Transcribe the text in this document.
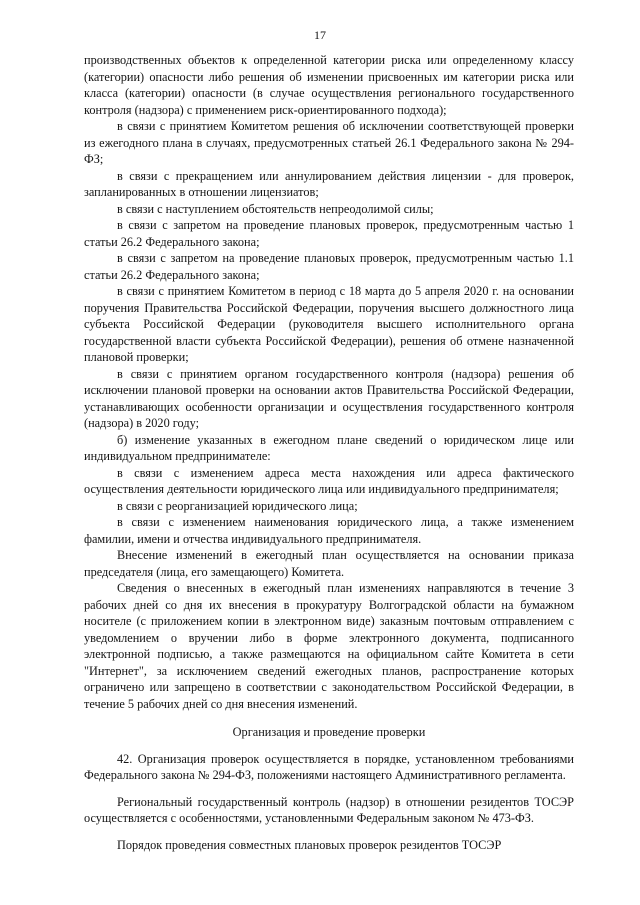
17

производственных объектов к определенной категории риска или определенному классу (категории) опасности либо решения об изменении присвоенных им категории риска или класса (категории) опасности (в случае осуществления регионального государственного контроля (надзора) с применением риск-ориентированного подхода);

в связи с принятием Комитетом решения об исключении соответствующей проверки из ежегодного плана в случаях, предусмотренных статьей 26.1 Федерального закона № 294-ФЗ;

в связи с прекращением или аннулированием действия лицензии - для проверок, запланированных в отношении лицензиатов;

в связи с наступлением обстоятельств непреодолимой силы;

в связи с запретом на проведение плановых проверок, предусмотренным частью 1 статьи 26.2 Федерального закона;

в связи с запретом на проведение плановых проверок, предусмотренным частью 1.1 статьи 26.2 Федерального закона;

в связи с принятием Комитетом в период с 18 марта до 5 апреля 2020 г. на основании поручения Правительства Российской Федерации, поручения высшего должностного лица субъекта Российской Федерации (руководителя высшего исполнительного органа государственной власти субъекта Российской Федерации), решения об отмене назначенной плановой проверки;

в связи с принятием органом государственного контроля (надзора) решения об исключении плановой проверки на основании актов Правительства Российской Федерации, устанавливающих особенности организации и осуществления государственного контроля (надзора) в 2020 году;

б) изменение указанных в ежегодном плане сведений о юридическом лице или индивидуальном предпринимателе:

в связи с изменением адреса места нахождения или адреса фактического осуществления деятельности юридического лица или индивидуального предпринимателя;

в связи с реорганизацией юридического лица;

в связи с изменением наименования юридического лица, а также изменением фамилии, имени и отчества индивидуального предпринимателя.

Внесение изменений в ежегодный план осуществляется на основании приказа председателя (лица, его замещающего) Комитета.

Сведения о внесенных в ежегодный план изменениях направляются в течение 3 рабочих дней со дня их внесения в прокуратуру Волгоградской области на бумажном носителе (с приложением копии в электронном виде) заказным почтовым отправлением с уведомлением о вручении либо в форме электронного документа, подписанного электронной подписью, а также размещаются на официальном сайте Комитета в сети "Интернет", за исключением сведений ежегодных планов, распространение которых ограничено или запрещено в соответствии с законодательством Российской Федерации, в течение 5 рабочих дней со дня внесения изменений.

Организация и проведение проверки

42. Организация проверок осуществляется в порядке, установленном требованиями Федерального закона № 294-ФЗ, положениями настоящего Административного регламента.

Региональный государственный контроль (надзор) в отношении резидентов ТОСЭР осуществляется с особенностями, установленными Федеральным законом № 473-ФЗ.

Порядок проведения совместных плановых проверок резидентов ТОСЭР
